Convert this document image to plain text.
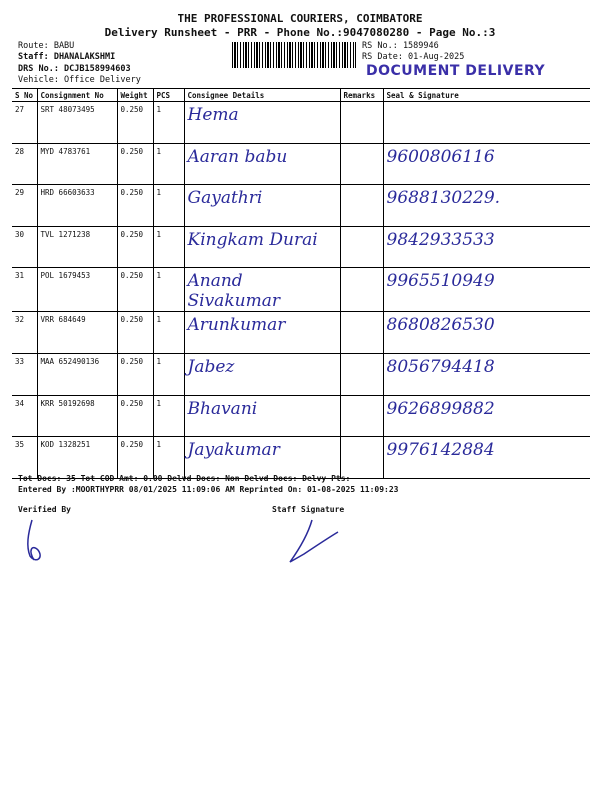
THE PROFESSIONAL COURIERS, COIMBATORE
Delivery Runsheet - PRR - Phone No.:9047080280 - Page No.:3
Route: BABU
Staff: DHANALAKSHMI
DRS No.: DCJB158994603
Vehicle: Office Delivery
RS No.: 1589946
RS Date: 01-Aug-2025
DOCUMENT DELIVERY
S No	Consignment No	Weight	PCS	Consignee Details	Remarks	Seal & Signature
27	SRT 48073495	0.250	1	Hema		
28	MYD 4783761	0.250	1	Aaran babu		9600806116
29	HRD 66603633	0.250	1	Gayathri		9688130229.
30	TVL 1271238	0.250	1	Kingkam Durai		9842933533
31	POL 1679453	0.250	1	Anand Sivakumar		9965510949
32	VRR 684649	0.250	1	Arunkumar		8680826530
33	MAA 652490136	0.250	1	Jabez		8056794418
34	KRR 50192698	0.250	1	Bhavani		9626899882
35	KOD 1328251	0.250	1	Jayakumar		9976142884
Tot Docs: 35 Tot COD Amt: 0.00 Delvd Docs: Non Delvd Docs: Delvy Pts:
Entered By :MOORTHYPRR 08/01/2025 11:09:06 AM Reprinted On: 01-08-2025 11:09:23
Verified By	Staff Signature
